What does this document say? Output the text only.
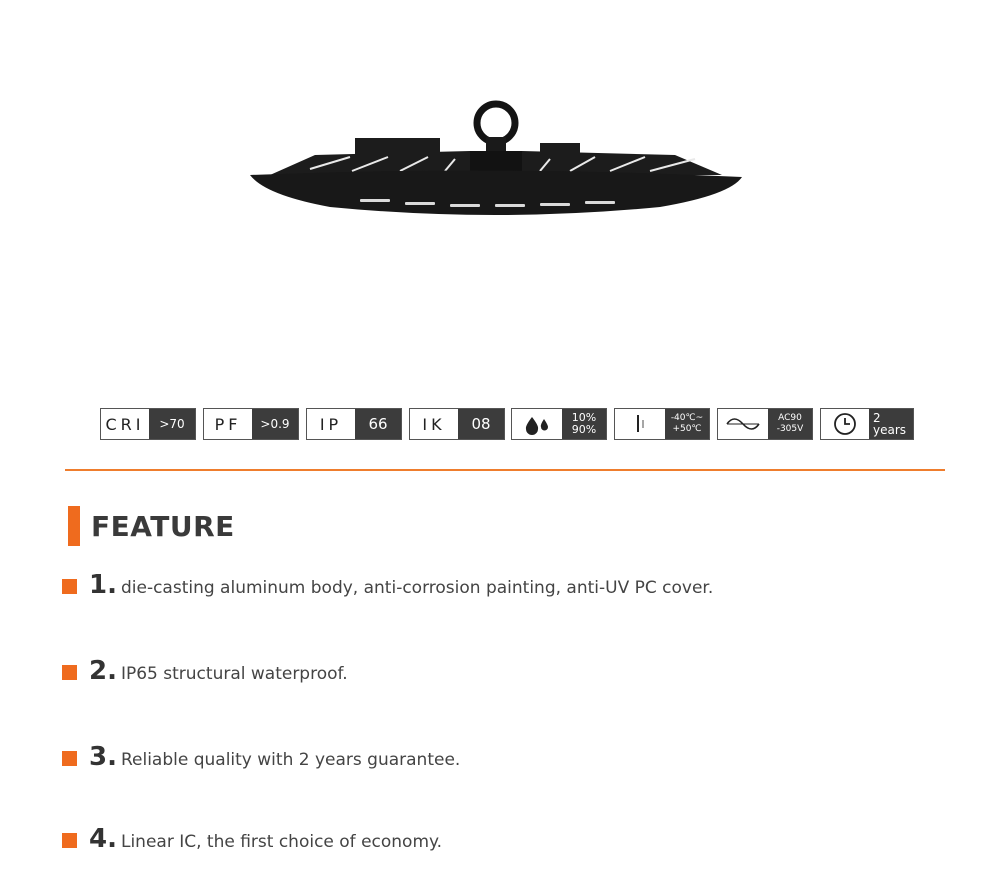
CRI	>70	PF	>0.9	IP	66	IK	08	10%
90%
-40℃~
+50℃
AC90
-305V
2
years
FEATURE
1. die-casting aluminum body, anti-corrosion painting, anti-UV PC cover.
2. IP65 structural waterproof.
3. Reliable quality with 2 years guarantee.
4. Linear IC, the first choice of economy.
